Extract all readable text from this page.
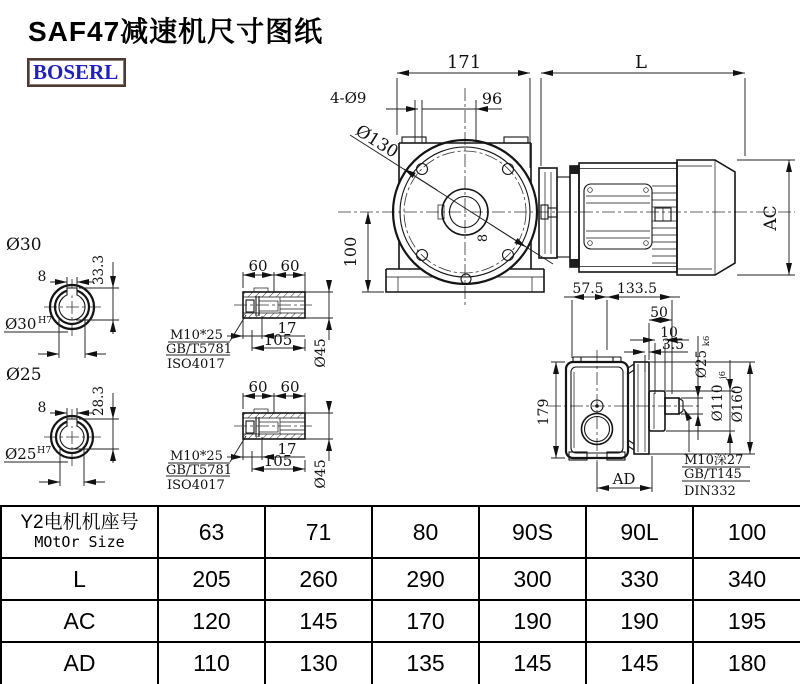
171	L
96
4-Ø9
Ø130
100	8
AC
Ø30
8	33.3
Ø30 H7
Ø25
8	28.3
Ø25 H7
60 60
17
105 Ø45
M10*25
GB/T5781
ISO4017
57.5 133.5
50
10
3.5
Ø25
k6
Ø110
j6
Ø160
179
AD
M10深27
GB/T145
DIN332
SAF47减速机尺寸图纸
BOSERL
Y2电机机座号
MOtOr Size	63	71	80	90S	90L	100
L	205	260	290	300	330	340
AC	120	145	170	190	190	195
AD	110	130	135	145	145	180
